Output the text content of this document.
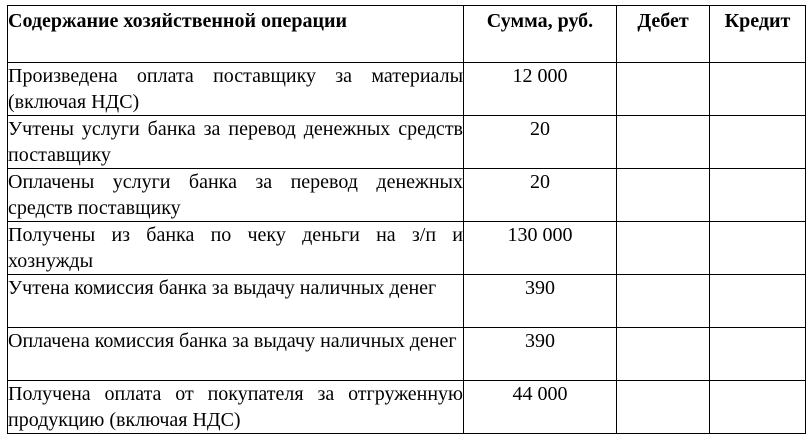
Содержание хозяйственной операции	Сумма, руб.	Дебет	Кредит
Произведена оплата поставщику за материалы (включая НДС)	12 000		
Учтены услуги банка за перевод денежных средств поставщику	20		
Оплачены услуги банка за перевод денежных средств поставщику	20		
Получены из банка по чеку деньги на з/п и хознужды	130 000		
Учтена комиссия банка за выдачу наличных денег	390		
Оплачена комиссия банка за выдачу наличных денег	390		
Получена оплата от покупателя за отгруженную продукцию (включая НДС)	44 000		
